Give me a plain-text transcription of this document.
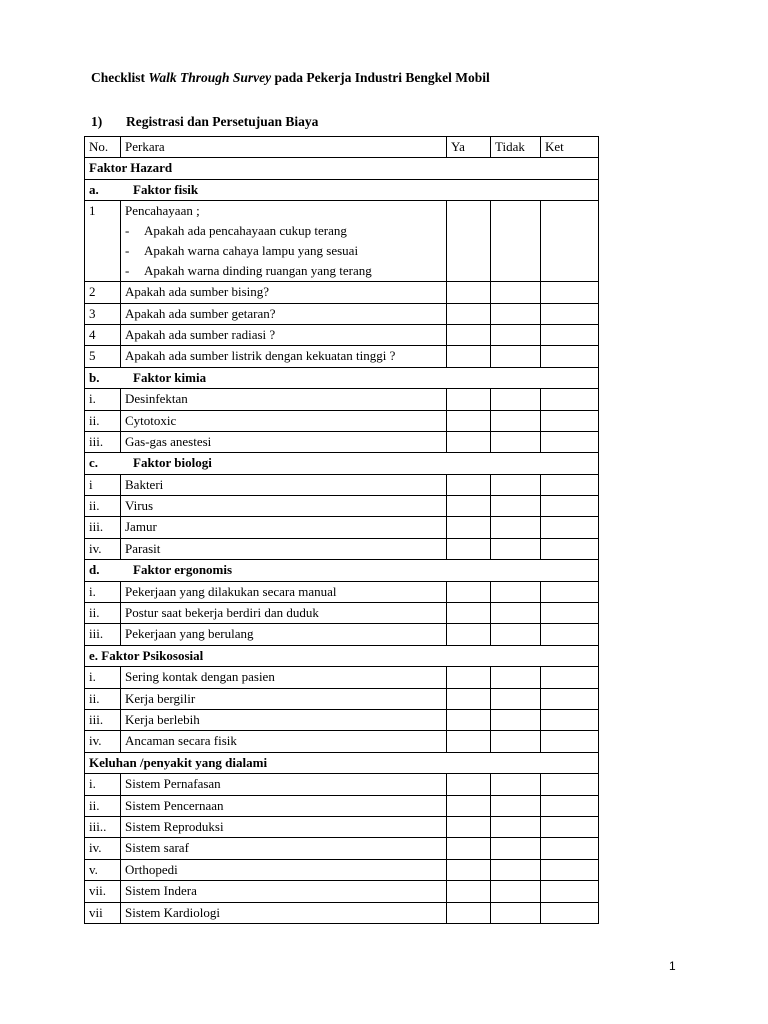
Checklist Walk Through Survey pada Pekerja Industri Bengkel Mobil
1) Registrasi dan Persetujuan Biaya
No.	Perkara	Ya	Tidak	Ket
Faktor Hazard				
a. Faktor fisik				
1	Pencahayaan ;
- Apakah ada pencahayaan cukup terang
- Apakah warna cahaya lampu yang sesuai
- Apakah warna dinding ruangan yang terang			

2	Apakah ada sumber bising?			
3	Apakah ada sumber getaran?			
4	Apakah ada sumber radiasi ?			
5	Apakah ada sumber listrik dengan kekuatan tinggi ?			
b. Faktor kimia				
i.	Desinfektan			
ii.	Cytotoxic			
iii.	Gas-gas anestesi			
c. Faktor biologi				
i	Bakteri			
ii.	Virus			
iii.	Jamur			
iv.	Parasit			
d. Faktor ergonomis				
i.	Pekerjaan yang dilakukan secara manual			
ii.	Postur saat bekerja berdiri dan duduk			
iii.	Pekerjaan yang berulang			
e. Faktor Psikososial				
i.	Sering kontak dengan pasien			
ii.	Kerja bergilir			
iii.	Kerja berlebih			
iv.	Ancaman secara fisik			
Keluhan /penyakit yang dialami				
i.	Sistem Pernafasan			
ii.	Sistem Pencernaan			
iii..	Sistem Reproduksi			
iv.	Sistem saraf			
v.	Orthopedi			
vii.	Sistem Indera			
vii	Sistem Kardiologi			
1
